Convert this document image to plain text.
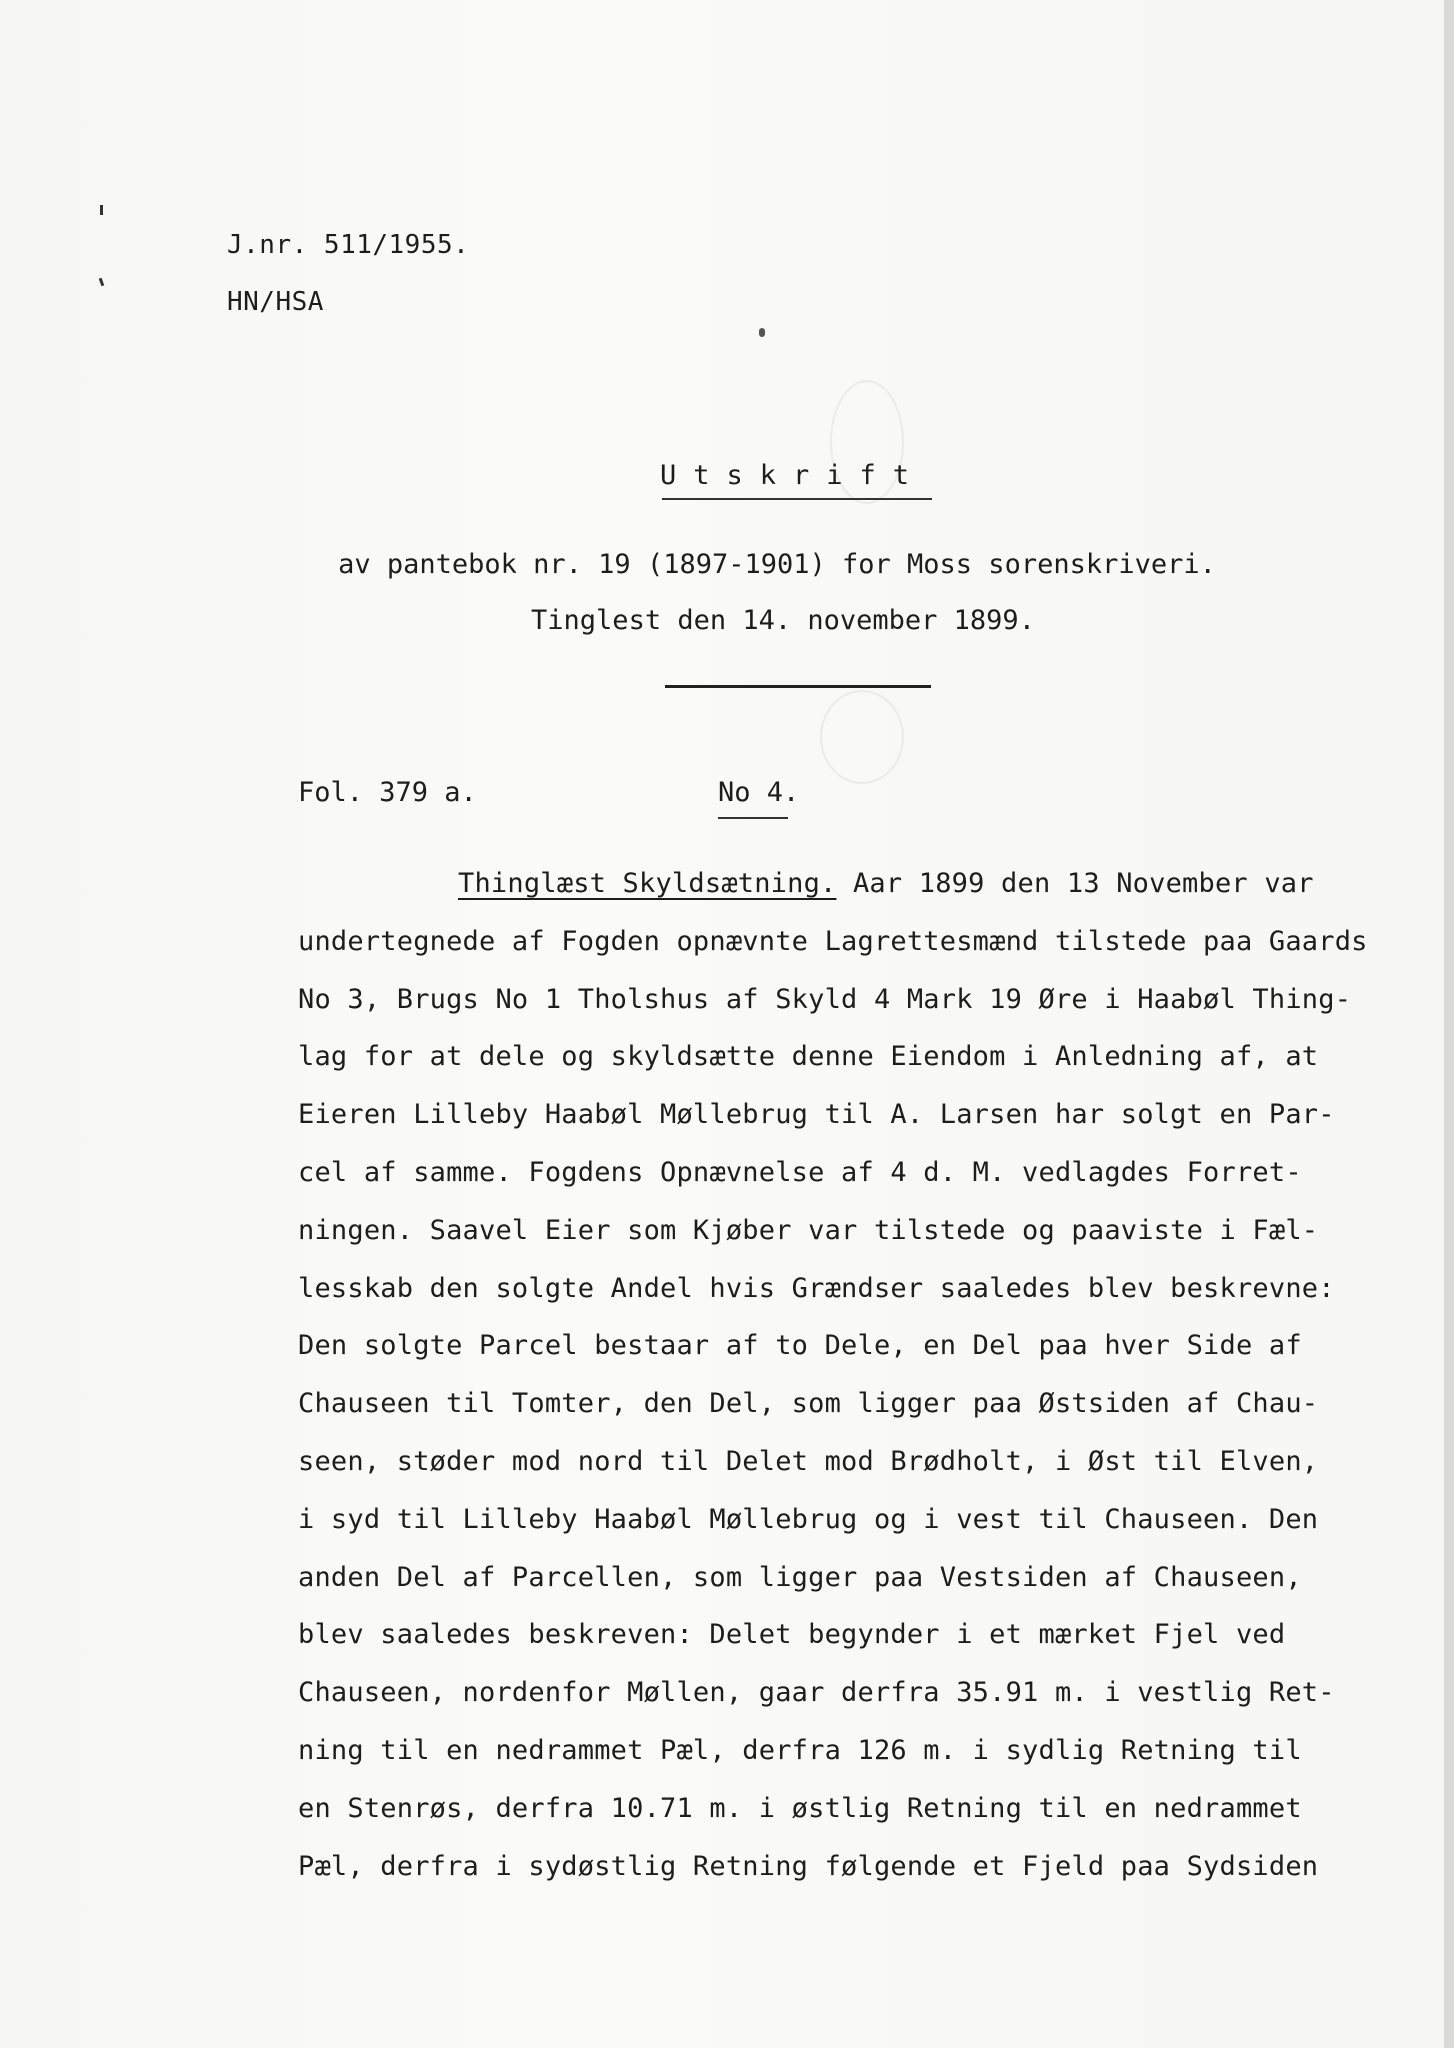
J.nr. 511/1955.
HN/HSA
Utskrift
av pantebok nr. 19 (1897-1901) for Moss sorenskriveri.
Tinglest den 14. november 1899.
Fol. 379 a.	No 4.
Thinglæst Skyldsætning. Aar 1899 den 13 November var
undertegnede af Fogden opnævnte Lagrettesmænd tilstede paa Gaards
No 3, Brugs No 1 Tholshus af Skyld 4 Mark 19 Øre i Haabøl Thing-
lag for at dele og skyldsætte denne Eiendom i Anledning af, at
Eieren Lilleby Haabøl Møllebrug til A. Larsen har solgt en Par-
cel af samme. Fogdens Opnævnelse af 4 d. M. vedlagdes Forret-
ningen. Saavel Eier som Kjøber var tilstede og paaviste i Fæl-
lesskab den solgte Andel hvis Grændser saaledes blev beskrevne:
Den solgte Parcel bestaar af to Dele, en Del paa hver Side af
Chauseen til Tomter, den Del, som ligger paa Østsiden af Chau-
seen, støder mod nord til Delet mod Brødholt, i Øst til Elven,
i syd til Lilleby Haabøl Møllebrug og i vest til Chauseen. Den
anden Del af Parcellen, som ligger paa Vestsiden af Chauseen,
blev saaledes beskreven: Delet begynder i et mærket Fjel ved
Chauseen, nordenfor Møllen, gaar derfra 35.91 m. i vestlig Ret-
ning til en nedrammet Pæl, derfra 126 m. i sydlig Retning til
en Stenrøs, derfra 10.71 m. i østlig Retning til en nedrammet
Pæl, derfra i sydøstlig Retning følgende et Fjeld paa Sydsiden
